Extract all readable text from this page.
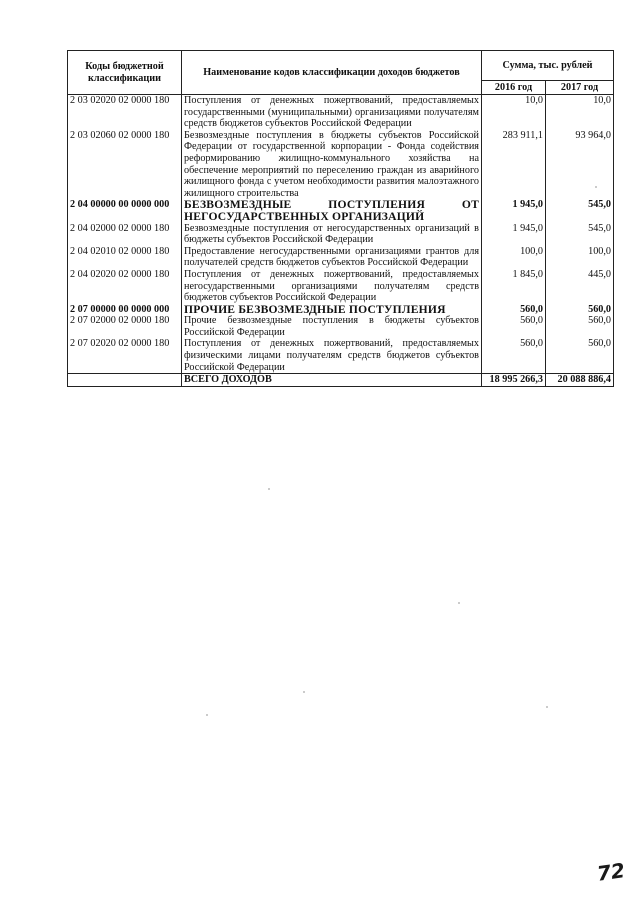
Коды бюджетной классификации	Наименование кодов классификации доходов бюджетов	Сумма, тыс. рублей	
		2016 год	2017 год
2 03 02020 02 0000 180	Поступления от денежных пожертвований, предоставляемых государственными (муниципальными) организациями получателям средств бюджетов субъектов Российской Федерации	10,0	10,0
2 03 02060 02 0000 180	Безвозмездные поступления в бюджеты субъектов Российской Федерации от государственной корпорации - Фонда содействия реформированию жилищно-коммунального хозяйства на обеспечение мероприятий по переселению граждан из аварийного жилищного фонда с учетом необходимости развития малоэтажного жилищного строительства	283 911,1	93 964,0
2 04 00000 00 0000 000	БЕЗВОЗМЕЗДНЫЕ ПОСТУПЛЕНИЯ ОТ НЕГОСУДАРСТВЕННЫХ ОРГАНИЗАЦИЙ	1 945,0	545,0
2 04 02000 02 0000 180	Безвозмездные поступления от негосударственных организаций в бюджеты субъектов Российской Федерации	1 945,0	545,0
2 04 02010 02 0000 180	Предоставление негосударственными организациями грантов для получателей средств бюджетов субъектов Российской Федерации	100,0	100,0
2 04 02020 02 0000 180	Поступления от денежных пожертвований, предоставляемых негосударственными организациями получателям средств бюджетов субъектов Российской Федерации	1 845,0	445,0
2 07 00000 00 0000 000	ПРОЧИЕ БЕЗВОЗМЕЗДНЫЕ ПОСТУПЛЕНИЯ	560,0	560,0
2 07 02000 02 0000 180	Прочие безвозмездные поступления в бюджеты субъектов Российской Федерации	560,0	560,0
2 07 02020 02 0000 180	Поступления от денежных пожертвований, предоставляемых физическими лицами получателям средств бюджетов субъектов Российской Федерации	560,0	560,0
	ВСЕГО ДОХОДОВ	18 995 266,3	20 088 886,4
72
